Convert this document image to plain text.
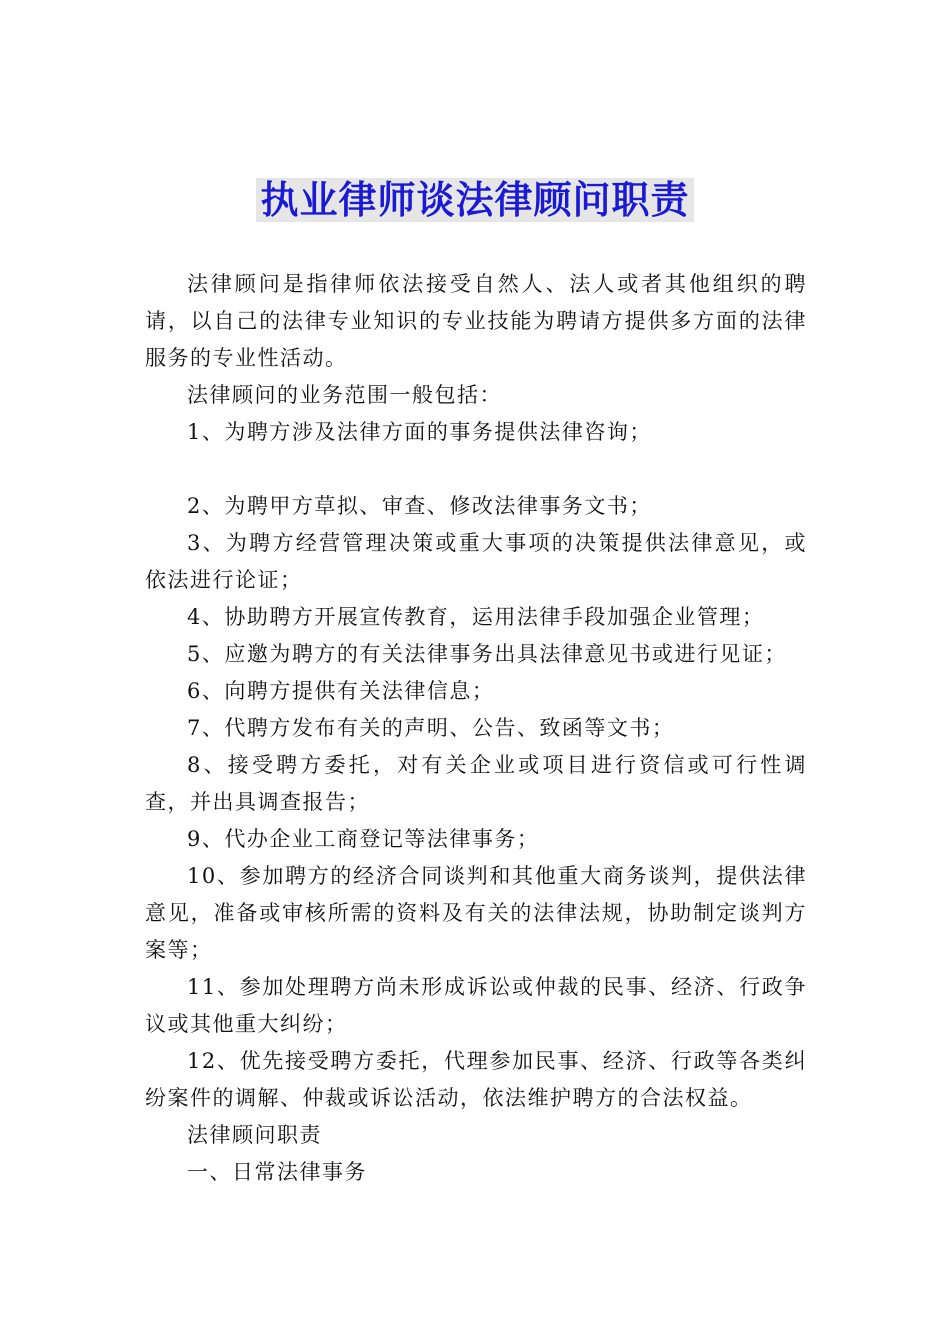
执业律师谈法律顾问职责

法律顾问是指律师依法接受自然人、法人或者其他组织的聘请，以自己的法律专业知识的专业技能为聘请方提供多方面的法律服务的专业性活动。

法律顾问的业务范围一般包括：

1、为聘方涉及法律方面的事务提供法律咨询；

2、为聘甲方草拟、审查、修改法律事务文书；

3、为聘方经营管理决策或重大事项的决策提供法律意见，或依法进行论证；

4、协助聘方开展宣传教育，运用法律手段加强企业管理；

5、应邀为聘方的有关法律事务出具法律意见书或进行见证；

6、向聘方提供有关法律信息；

7、代聘方发布有关的声明、公告、致函等文书；

8、接受聘方委托，对有关企业或项目进行资信或可行性调查，并出具调查报告；

9、代办企业工商登记等法律事务；

10、参加聘方的经济合同谈判和其他重大商务谈判，提供法律意见，准备或审核所需的资料及有关的法律法规，协助制定谈判方案等；

11、参加处理聘方尚未形成诉讼或仲裁的民事、经济、行政争议或其他重大纠纷；

12、优先接受聘方委托，代理参加民事、经济、行政等各类纠纷案件的调解、仲裁或诉讼活动，依法维护聘方的合法权益。

法律顾问职责

一、日常法律事务
